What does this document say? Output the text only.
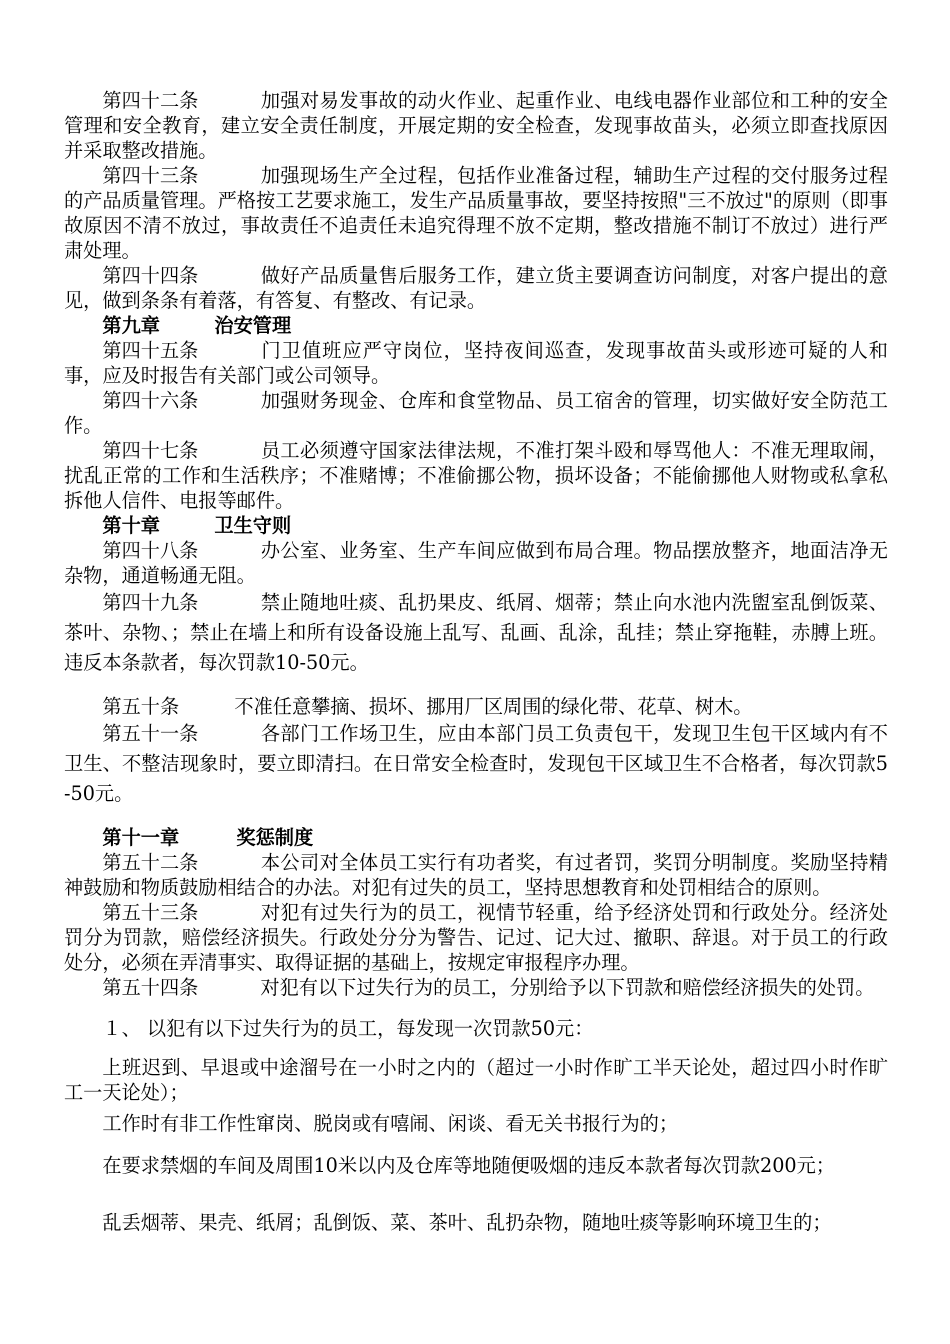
第四十二条	加强对易发事故的动火作业、起重作业、电线电器作业部位和工种的安全管理和安全教育，建立安全责任制度，开展定期的安全检查，发现事故苗头，必须立即查找原因并采取整改措施。

第四十三条	加强现场生产全过程，包括作业准备过程，辅助生产过程的交付服务过程的产品质量管理。严格按工艺要求施工，发生产品质量事故，要坚持按照"三不放过"的原则（即事故原因不清不放过，事故责任不追责任未追究得理不放不定期，整改措施不制订不放过）进行严肃处理。

第四十四条	做好产品质量售后服务工作，建立货主要调查访问制度，对客户提出的意见，做到条条有着落，有答复、有整改、有记录。

第九章	治安管理

第四十五条	门卫值班应严守岗位，坚持夜间巡查，发现事故苗头或形迹可疑的人和事，应及时报告有关部门或公司领导。

第四十六条	加强财务现金、仓库和食堂物品、员工宿舍的管理，切实做好安全防范工作。

第四十七条	员工必须遵守国家法律法规，不准打架斗殴和辱骂他人：不准无理取闹，扰乱正常的工作和生活秩序；不准赌博；不准偷挪公物，损坏设备；不能偷挪他人财物或私拿私拆他人信件、电报等邮件。

第十章	卫生守则

第四十八条	办公室、业务室、生产车间应做到布局合理。物品摆放整齐，地面洁净无杂物，通道畅通无阻。

第四十九条	禁止随地吐痰、乱扔果皮、纸屑、烟蒂；禁止向水池内洗盥室乱倒饭菜、茶叶、杂物、；禁止在墙上和所有设备设施上乱写、乱画、乱涂，乱挂；禁止穿拖鞋，赤膊上班。违反本条款者，每次罚款10-50元。

第五十条	不准任意攀摘、损坏、挪用厂区周围的绿化带、花草、树木。

第五十一条	各部门工作场卫生，应由本部门员工负责包干，发现卫生包干区域内有不卫生、不整洁现象时，要立即清扫。在日常安全检查时，发现包干区域卫生不合格者，每次罚款5-50元。

第十一章	奖惩制度

第五十二条	本公司对全体员工实行有功者奖，有过者罚，奖罚分明制度。奖励坚持精神鼓励和物质鼓励相结合的办法。对犯有过失的员工，坚持思想教育和处罚相结合的原则。

第五十三条	对犯有过失行为的员工，视情节轻重，给予经济处罚和行政处分。经济处罚分为罚款，赔偿经济损失。行政处分分为警告、记过、记大过、撤职、辞退。对于员工的行政处分，必须在弄清事实、取得证据的基础上，按规定审报程序办理。

第五十四条	对犯有以下过失行为的员工，分别给予以下罚款和赔偿经济损失的处罚。

１、 以犯有以下过失行为的员工，每发现一次罚款50元：

上班迟到、早退或中途溜号在一小时之内的（超过一小时作旷工半天论处，超过四小时作旷工一天论处）；

工作时有非工作性窜岗、脱岗或有嘻闹、闲谈、看无关书报行为的；

在要求禁烟的车间及周围10米以内及仓库等地随便吸烟的违反本款者每次罚款200元；

乱丢烟蒂、果壳、纸屑；乱倒饭、菜、茶叶、乱扔杂物，随地吐痰等影响环境卫生的；
